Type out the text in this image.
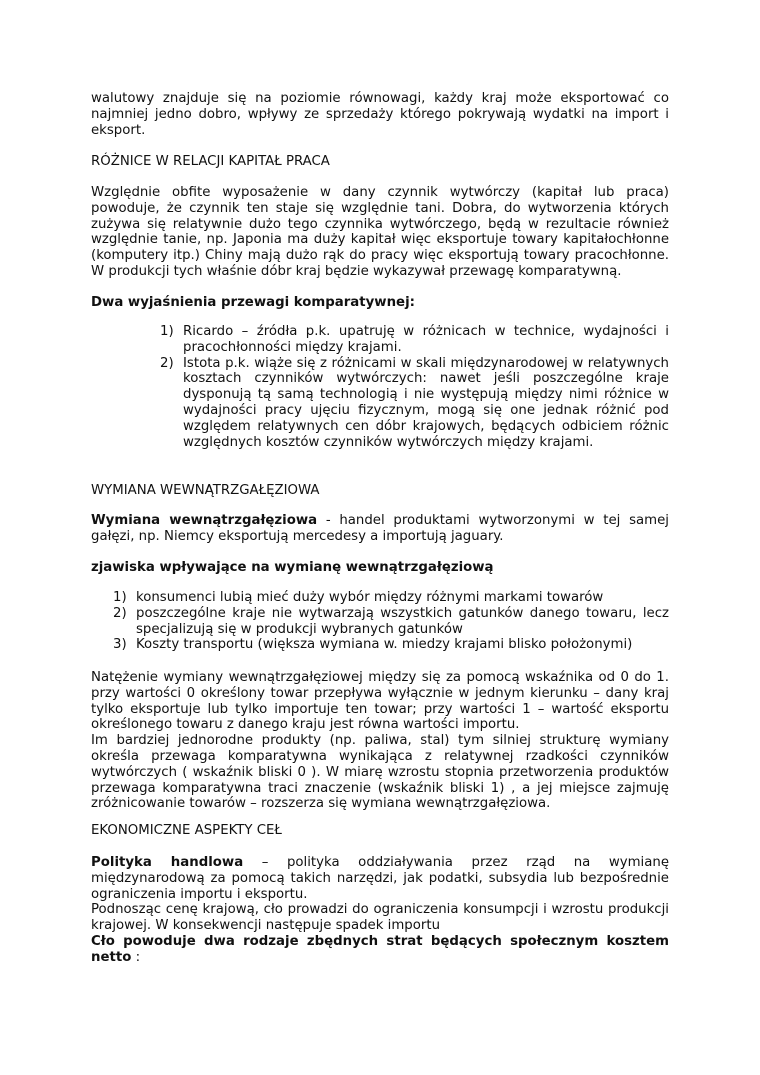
walutowy znajduje się na poziomie równowagi, każdy kraj może eksportować co najmniej jedno dobro, wpływy ze sprzedaży którego pokrywają wydatki na import i eksport.

RÓŻNICE W RELACJI KAPITAŁ PRACA

Względnie obfite wyposażenie w dany czynnik wytwórczy (kapitał lub praca) powoduje, że czynnik ten staje się względnie tani. Dobra, do wytworzenia których zużywa się relatywnie dużo tego czynnika wytwórczego, będą w rezultacie również względnie tanie, np. Japonia ma duży kapitał więc eksportuje towary kapitałochłonne (komputery itp.) Chiny mają dużo rąk do pracy więc eksportują towary pracochłonne. W produkcji tych właśnie dóbr kraj będzie wykazywał przewagę komparatywną.

Dwa wyjaśnienia przewagi komparatywnej:
1) Ricardo – źródła p.k. upatruję w różnicach w technice, wydajności i pracochłonności między krajami.
2) Istota p.k. wiąże się z różnicami w skali międzynarodowej w relatywnych kosztach czynników wytwórczych: nawet jeśli poszczególne kraje dysponują tą samą technologią i nie występują między nimi różnice w wydajności pracy ujęciu fizycznym, mogą się one jednak różnić pod względem relatywnych cen dóbr krajowych, będących odbiciem różnic względnych kosztów czynników wytwórczych między krajami.
WYMIANA WEWNĄTRZGAŁĘZIOWA

Wymiana wewnątrzgałęziowa - handel produktami wytworzonymi w tej samej gałęzi, np. Niemcy eksportują mercedesy a importują jaguary.

zjawiska wpływające na wymianę wewnątrzgałęziową
1) konsumenci lubią mieć duży wybór między różnymi markami towarów
2) poszczególne kraje nie wytwarzają wszystkich gatunków danego towaru, lecz specjalizują się w produkcji wybranych gatunków
3) Koszty transportu (większa wymiana w. miedzy krajami blisko położonymi)

Natężenie wymiany wewnątrzgałęziowej między się za pomocą wskaźnika od 0 do 1. przy wartości 0 określony towar przepływa wyłącznie w jednym kierunku – dany kraj tylko eksportuje lub tylko importuje ten towar; przy wartości 1 – wartość eksportu określonego towaru z danego kraju jest równa wartości importu.

Im bardziej jednorodne produkty (np. paliwa, stal) tym silniej strukturę wymiany określa przewaga komparatywna wynikająca z relatywnej rzadkości czynników wytwórczych ( wskaźnik bliski 0 ). W miarę wzrostu stopnia przetworzenia produktów przewaga komparatywna traci znaczenie (wskaźnik bliski 1) , a jej miejsce zajmuję zróżnicowanie towarów – rozszerza się wymiana wewnątrzgałęziowa.

EKONOMICZNE ASPEKTY CEŁ

Polityka handlowa – polityka oddziaływania przez rząd na wymianę międzynarodową za pomocą takich narzędzi, jak podatki, subsydia lub bezpośrednie ograniczenia importu i eksportu.

Podnosząc cenę krajową, cło prowadzi do ograniczenia konsumpcji i wzrostu produkcji krajowej. W konsekwencji następuje spadek importu

Cło powoduje dwa rodzaje zbędnych strat będących społecznym kosztem netto :
